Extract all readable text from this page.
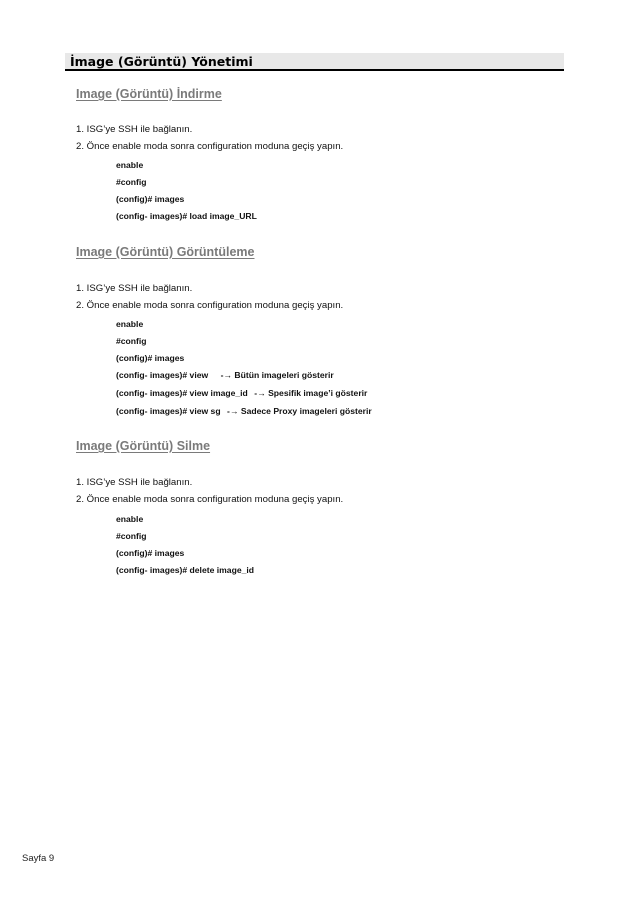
İmage (Görüntü) Yönetimi
Image (Görüntü) İndirme
1. ISG’ye SSH ile bağlanın.
2. Önce enable moda sonra configuration moduna geçiş yapın.
enable
#config
(config)# images
(config- images)# load image_URL
Image (Görüntü) Görüntüleme
1. ISG’ye SSH ile bağlanın.
2. Önce enable moda sonra configuration moduna geçiş yapın.
enable
#config
(config)# images
(config- images)# view -→ Bütün imageleri gösterir
(config- images)# view image_id -→ Spesifik image’i gösterir
(config- images)# view sg -→ Sadece Proxy imageleri gösterir
Image (Görüntü) Silme
1. ISG’ye SSH ile bağlanın.
2. Önce enable moda sonra configuration moduna geçiş yapın.
enable
#config
(config)# images
(config- images)# delete image_id
Sayfa 9
